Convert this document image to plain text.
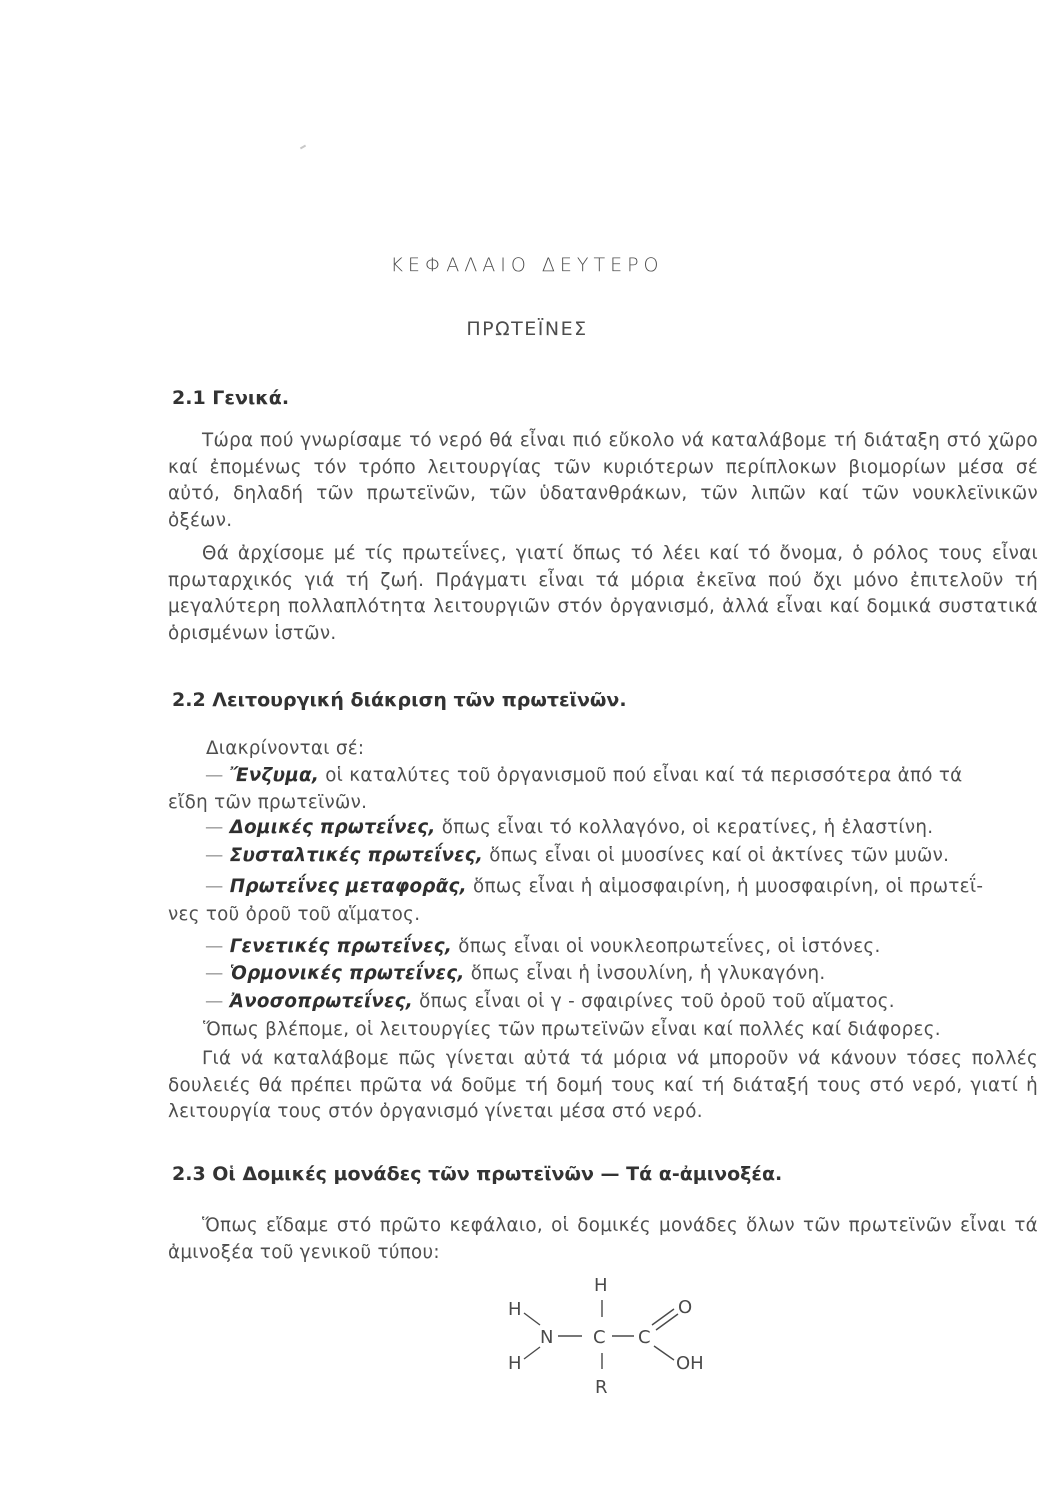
ΚΕΦΑΛΑΙΟ ΔΕΥΤΕΡΟ
ΠΡΩΤΕΪΝΕΣ
2.1 Γενικά.
Τώρα πού γνωρίσαμε τό νερό θά εἶναι πιό εὔκολο νά καταλάβομε τή διάταξη στό χῶρο καί ἐπομένως τόν τρόπο λειτουργίας τῶν κυριότερων περίπλοκων βιομορίων μέσα σέ αὐτό, δηλαδή τῶν πρωτεϊνῶν, τῶν ὑδατανθράκων, τῶν λιπῶν καί τῶν νουκλεϊνικῶν ὀξέων.
Θά ἀρχίσομε μέ τίς πρωτεΐνες, γιατί ὅπως τό λέει καί τό ὄνομα, ὁ ρόλος τους εἶναι πρωταρχικός γιά τή ζωή. Πράγματι εἶναι τά μόρια ἐκεῖνα πού ὄχι μόνο ἐπιτελοῦν τή μεγαλύτερη πολλαπλότητα λειτουργιῶν στόν ὀργανισμό, ἀλλά εἶναι καί δομικά συστατικά ὁρισμένων ἱστῶν.
2.2 Λειτουργική διάκριση τῶν πρωτεϊνῶν.
Διακρίνονται σέ:
— Ἔνζυμα, οἱ καταλύτες τοῦ ὀργανισμοῦ πού εἶναι καί τά περισσότερα ἀπό τά
εἴδη τῶν πρωτεϊνῶν.
— Δομικές πρωτεΐνες, ὅπως εἶναι τό κολλαγόνο, οἱ κερατίνες, ἡ ἐλαστίνη.
— Συσταλτικές πρωτεΐνες, ὅπως εἶναι οἱ μυοσίνες καί οἱ ἀκτίνες τῶν μυῶν.
— Πρωτεΐνες μεταφορᾶς, ὅπως εἶναι ἡ αἱμοσφαιρίνη, ἡ μυοσφαιρίνη, οἱ πρωτεΐ-
νες τοῦ ὀροῦ τοῦ αἵματος.
— Γενετικές πρωτεΐνες, ὅπως εἶναι οἱ νουκλεοπρωτεΐνες, οἱ ἱστόνες.
— Ὁρμονικές πρωτεΐνες, ὅπως εἶναι ἡ ἰνσουλίνη, ἡ γλυκαγόνη.
— Ἀνοσοπρωτεΐνες, ὅπως εἶναι οἱ γ - σφαιρίνες τοῦ ὀροῦ τοῦ αἵματος.
Ὅπως βλέπομε, οἱ λειτουργίες τῶν πρωτεϊνῶν εἶναι καί πολλές καί διάφορες.
Γιά νά καταλάβομε πῶς γίνεται αὐτά τά μόρια νά μποροῦν νά κάνουν τόσες πολλές δουλειές θά πρέπει πρῶτα νά δοῦμε τή δομή τους καί τή διάταξή τους στό νερό, γιατί ἡ λειτουργία τους στόν ὀργανισμό γίνεται μέσα στό νερό.
2.3 Οἱ Δομικές μονάδες τῶν πρωτεϊνῶν — Τά α-ἀμινοξέα.
Ὅπως εἴδαμε στό πρῶτο κεφάλαιο, οἱ δομικές μονάδες ὅλων τῶν πρωτεϊνῶν εἶναι τά ἀμινοξέα τοῦ γενικοῦ τύπου:
H
H
N C C
O
OH
H
R
